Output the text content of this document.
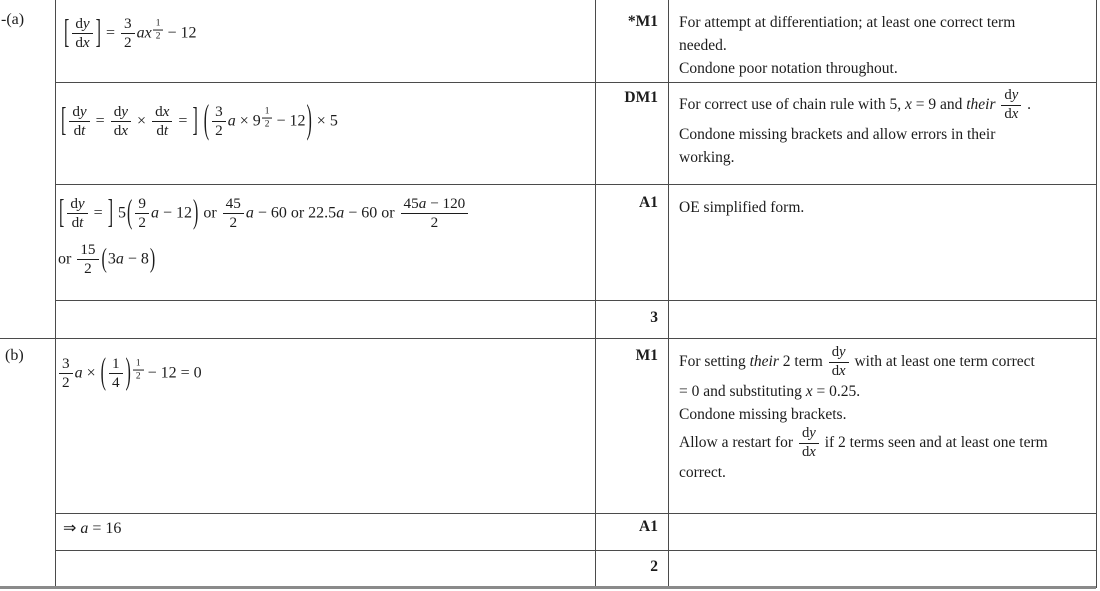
-(a)
(b)
[ $\frac{dy}{dx}$ ] = $\frac{3}{2}$ ax $\frac{1}{2} - 12$
[ $\frac{dy}{dt} = \frac{dy}{dx} \times \frac{dx}{dt}$ = ] ( $\frac{3}{2}$ $a \times 9 \frac{1}{2} - 12) \times 5$
[ $\frac{dy}{dt}$ = ] $5( \frac{9}{2}$ a − 12) or $\frac{45}{2}$ a − 60 or 22.5a − 60 or $\frac{45a - 120}{2}$
or $\frac{15}{2} (3a - 8)$
$\frac{3}{2}$ a × ( $\frac{1}{4}$ ) $\frac{1}{2} - 12 = 0$
⇒ a = 16
*M1
DM1
A1
3
M1
A1
2
For attempt at differentiation; at least one correct term
needed.
Condone poor notation throughout.
For correct use of chain rule with 5, x = 9 and their $\frac{dy}{dx}$ .
Condone missing brackets and allow errors in their
working.
OE simplified form.
For setting their 2 term $\frac{dy}{dx}$ with at least one term correct
= 0 and substituting x = 0.25.
Condone missing brackets.
Allow a restart for $\frac{dy}{dx}$ if 2 terms seen and at least one term
correct.
